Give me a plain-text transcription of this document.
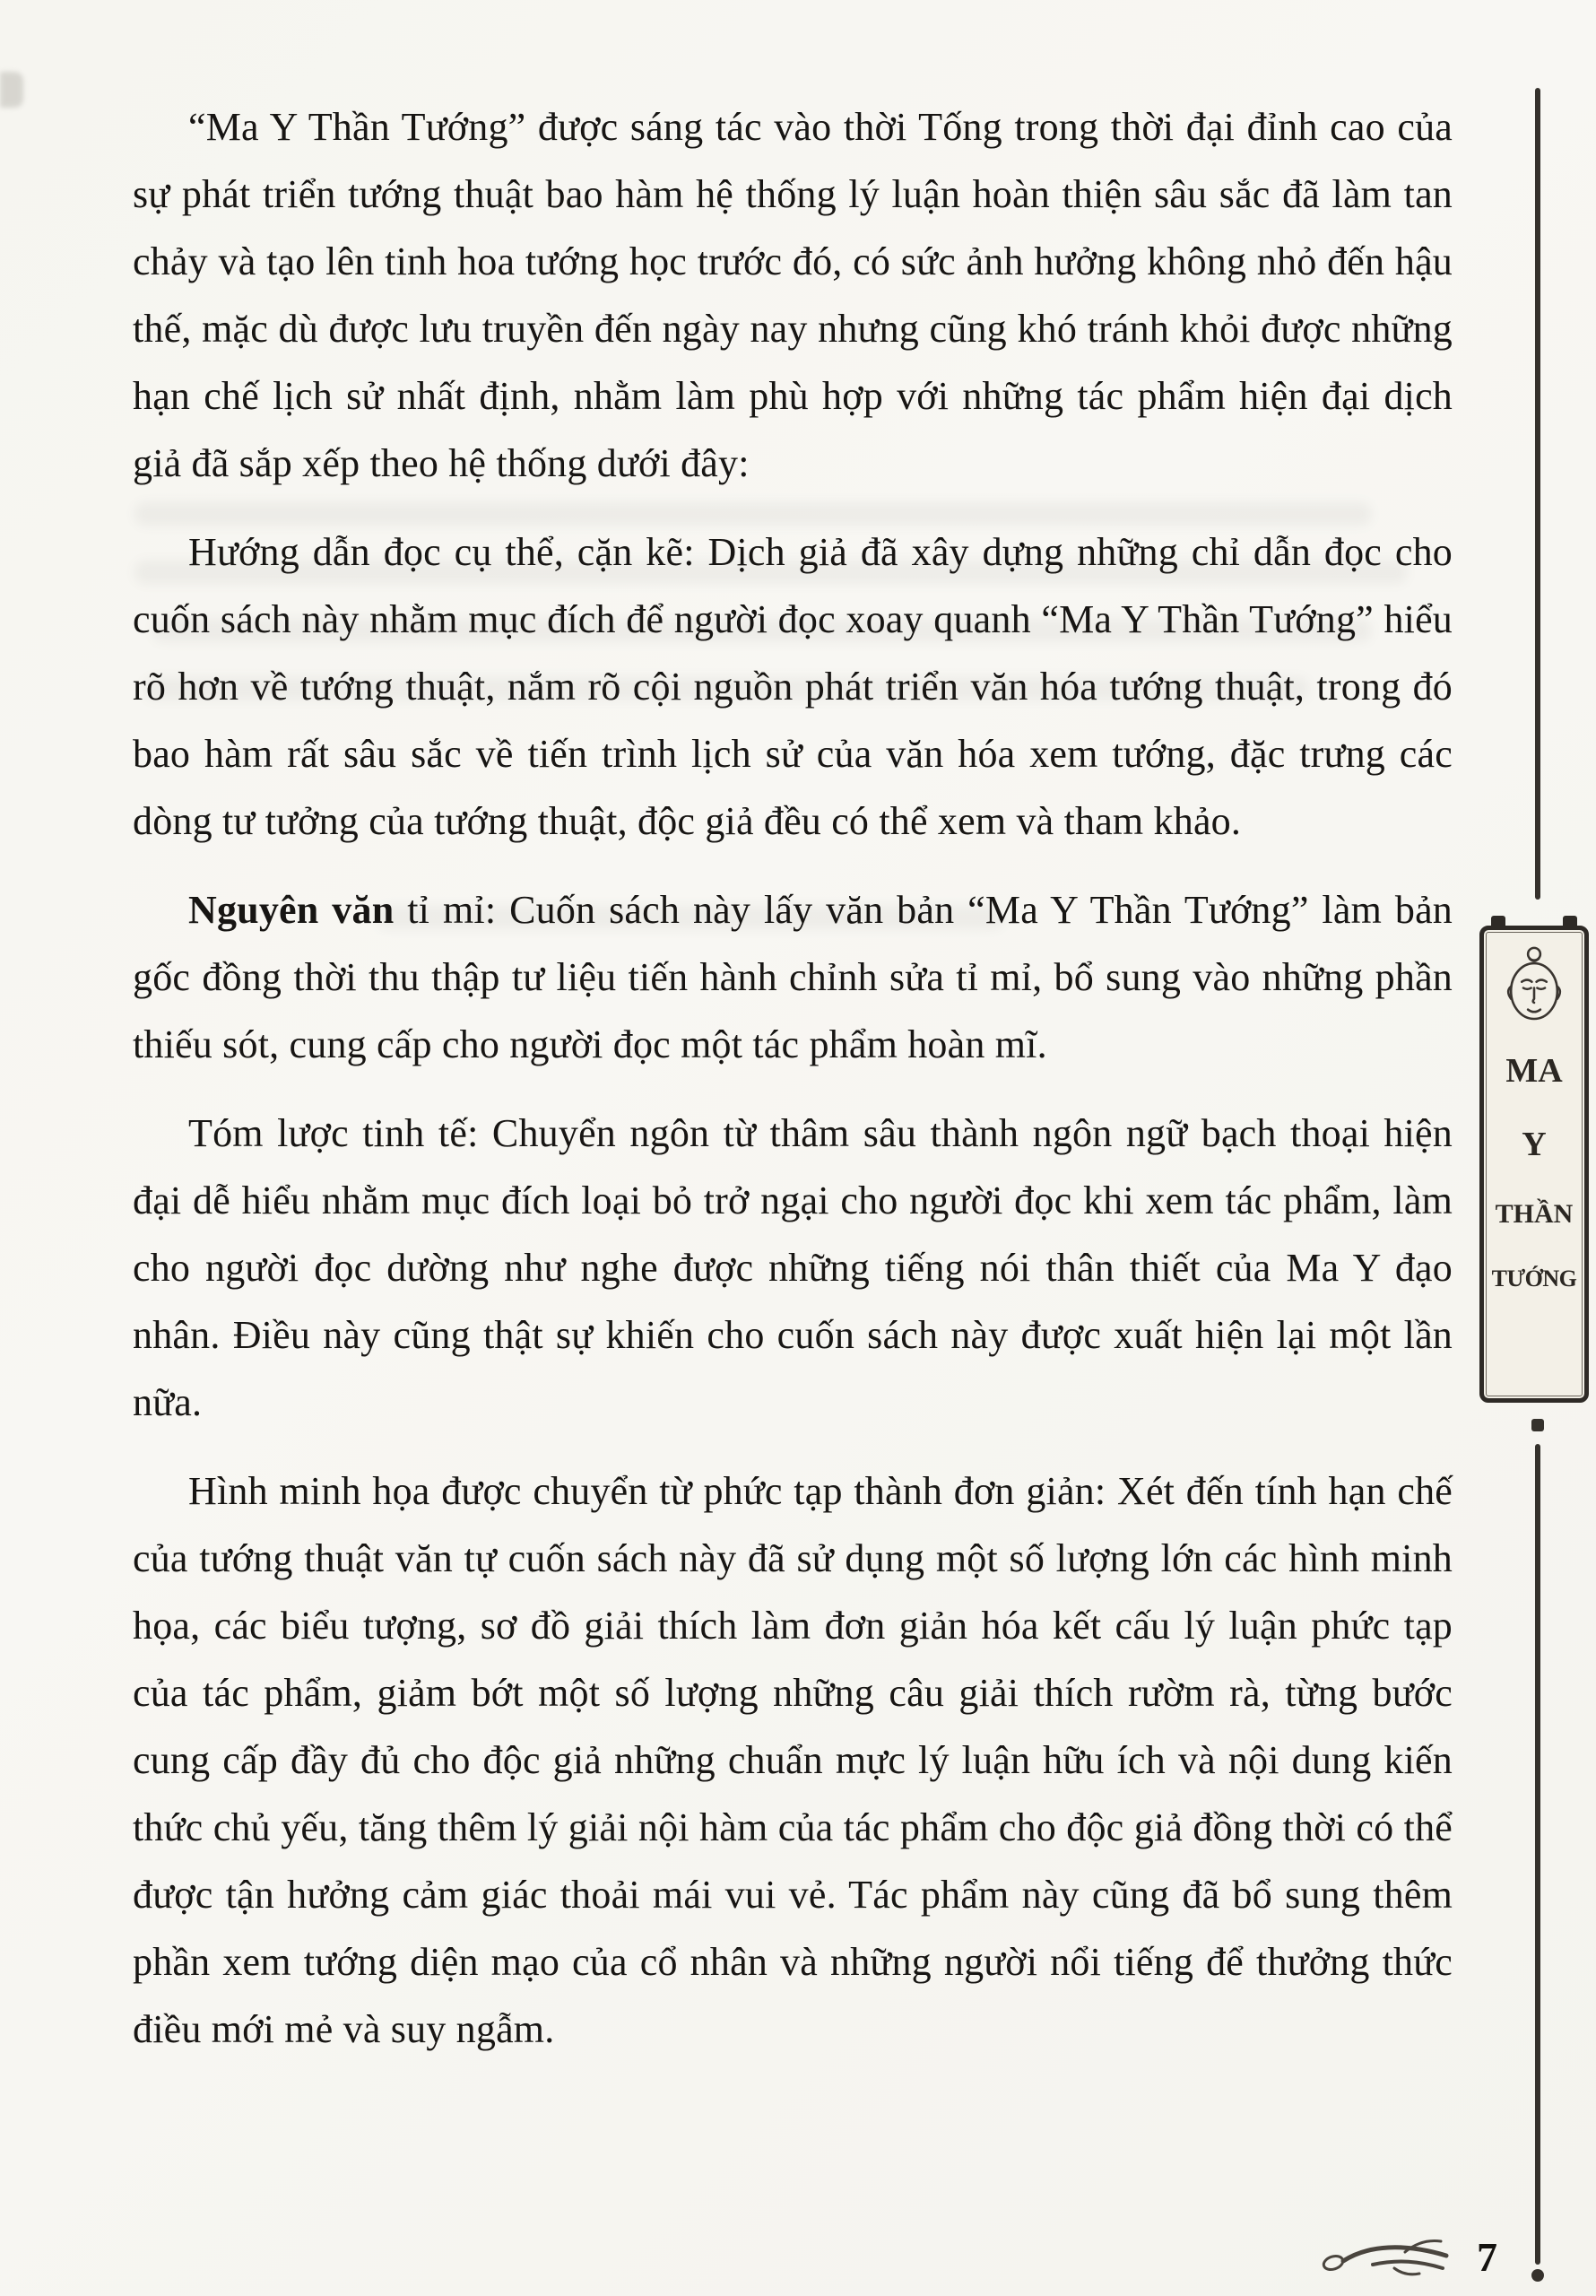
“Ma Y Thần Tướng” được sáng tác vào thời Tống trong thời đại đỉnh cao của sự phát triển tướng thuật bao hàm hệ thống lý luận hoàn thiện sâu sắc đã làm tan chảy và tạo lên tinh hoa tướng học trước đó, có sức ảnh hưởng không nhỏ đến hậu thế, mặc dù được lưu truyền đến ngày nay nhưng cũng khó tránh khỏi được những hạn chế lịch sử nhất định, nhằm làm phù hợp với những tác phẩm hiện đại dịch giả đã sắp xếp theo hệ thống dưới đây:

Hướng dẫn đọc cụ thể, cặn kẽ: Dịch giả đã xây dựng những chỉ dẫn đọc cho cuốn sách này nhằm mục đích để người đọc xoay quanh “Ma Y Thần Tướng” hiểu rõ hơn về tướng thuật, nắm rõ cội nguồn phát triển văn hóa tướng thuật, trong đó bao hàm rất sâu sắc về tiến trình lịch sử của văn hóa xem tướng, đặc trưng các dòng tư tưởng của tướng thuật, độc giả đều có thể xem và tham khảo.

Nguyên văn tỉ mỉ: Cuốn sách này lấy văn bản “Ma Y Thần Tướng” làm bản gốc đồng thời thu thập tư liệu tiến hành chỉnh sửa tỉ mỉ, bổ sung vào những phần thiếu sót, cung cấp cho người đọc một tác phẩm hoàn mĩ.

Tóm lược tinh tế: Chuyển ngôn từ thâm sâu thành ngôn ngữ bạch thoại hiện đại dễ hiểu nhằm mục đích loại bỏ trở ngại cho người đọc khi xem tác phẩm, làm cho người đọc dường như nghe được những tiếng nói thân thiết của Ma Y đạo nhân. Điều này cũng thật sự khiến cho cuốn sách này được xuất hiện lại một lần nữa.

Hình minh họa được chuyển từ phức tạp thành đơn giản: Xét đến tính hạn chế của tướng thuật văn tự cuốn sách này đã sử dụng một số lượng lớn các hình minh họa, các biểu tượng, sơ đồ giải thích làm đơn giản hóa kết cấu lý luận phức tạp của tác phẩm, giảm bớt một số lượng những câu giải thích rườm rà, từng bước cung cấp đầy đủ cho độc giả những chuẩn mực lý luận hữu ích và nội dung kiến thức chủ yếu, tăng thêm lý giải nội hàm của tác phẩm cho độc giả đồng thời có thể được tận hưởng cảm giác thoải mái vui vẻ. Tác phẩm này cũng đã bổ sung thêm phần xem tướng diện mạo của cổ nhân và những người nổi tiếng để thưởng thức điều mới mẻ và suy ngẫm.

MA
Y
THẦN
TƯỚNG
7
